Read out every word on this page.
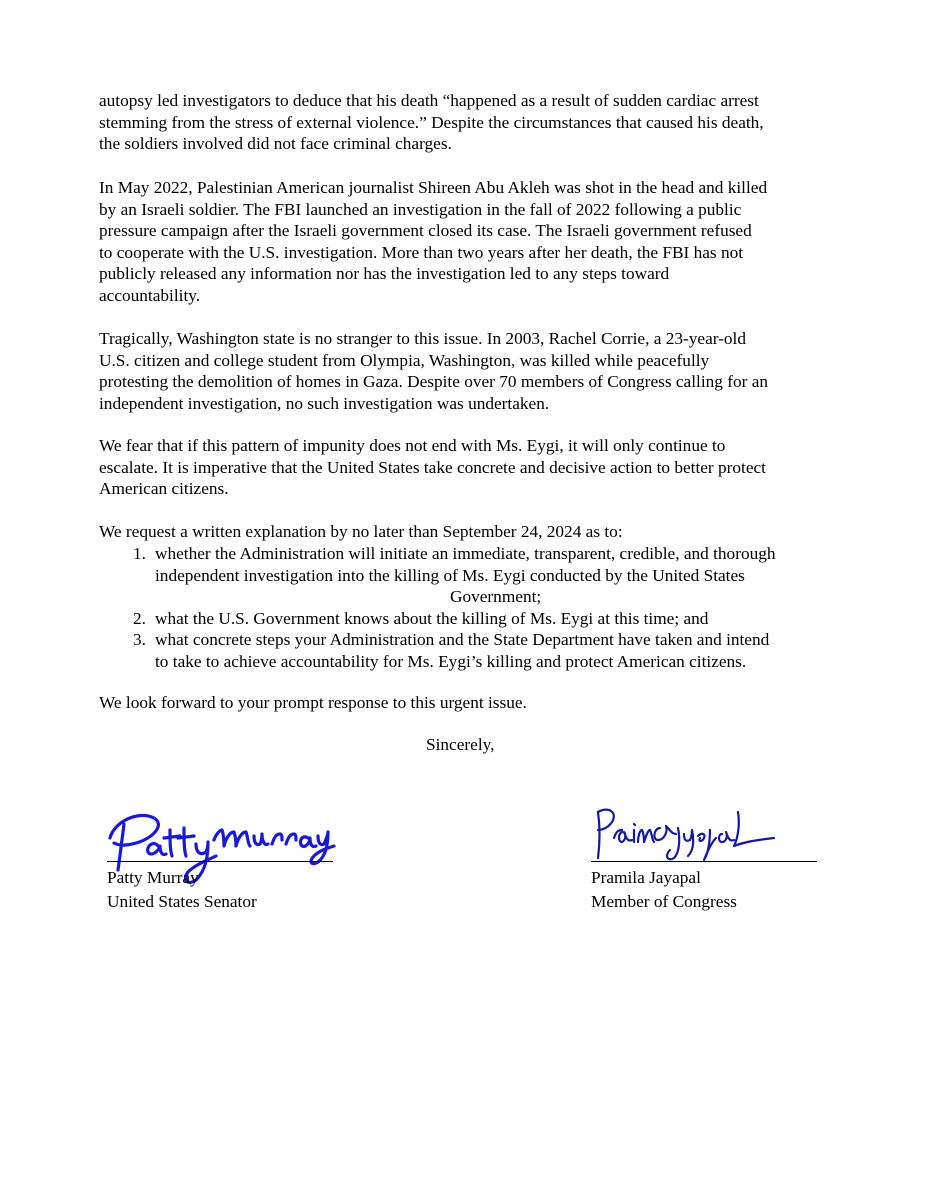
autopsy led investigators to deduce that his death “happened as a result of sudden cardiac arrest
stemming from the stress of external violence.” Despite the circumstances that caused his death,
the soldiers involved did not face criminal charges.
In May 2022, Palestinian American journalist Shireen Abu Akleh was shot in the head and killed
by an Israeli soldier. The FBI launched an investigation in the fall of 2022 following a public
pressure campaign after the Israeli government closed its case. The Israeli government refused
to cooperate with the U.S. investigation. More than two years after her death, the FBI has not
publicly released any information nor has the investigation led to any steps toward
accountability.
Tragically, Washington state is no stranger to this issue. In 2003, Rachel Corrie, a 23-year-old
U.S. citizen and college student from Olympia, Washington, was killed while peacefully
protesting the demolition of homes in Gaza. Despite over 70 members of Congress calling for an
independent investigation, no such investigation was undertaken.
We fear that if this pattern of impunity does not end with Ms. Eygi, it will only continue to
escalate. It is imperative that the United States take concrete and decisive action to better protect
American citizens.
We request a written explanation by no later than September 24, 2024 as to:
1. whether the Administration will initiate an immediate, transparent, credible, and thorough
independent investigation into the killing of Ms. Eygi conducted by the United States
Government;
2. what the U.S. Government knows about the killing of Ms. Eygi at this time; and
3. what concrete steps your Administration and the State Department have taken and intend
to take to achieve accountability for Ms. Eygi’s killing and protect American citizens.
We look forward to your prompt response to this urgent issue.
Sincerely,
Patty Murray
United States Senator
Pramila Jayapal
Member of Congress
